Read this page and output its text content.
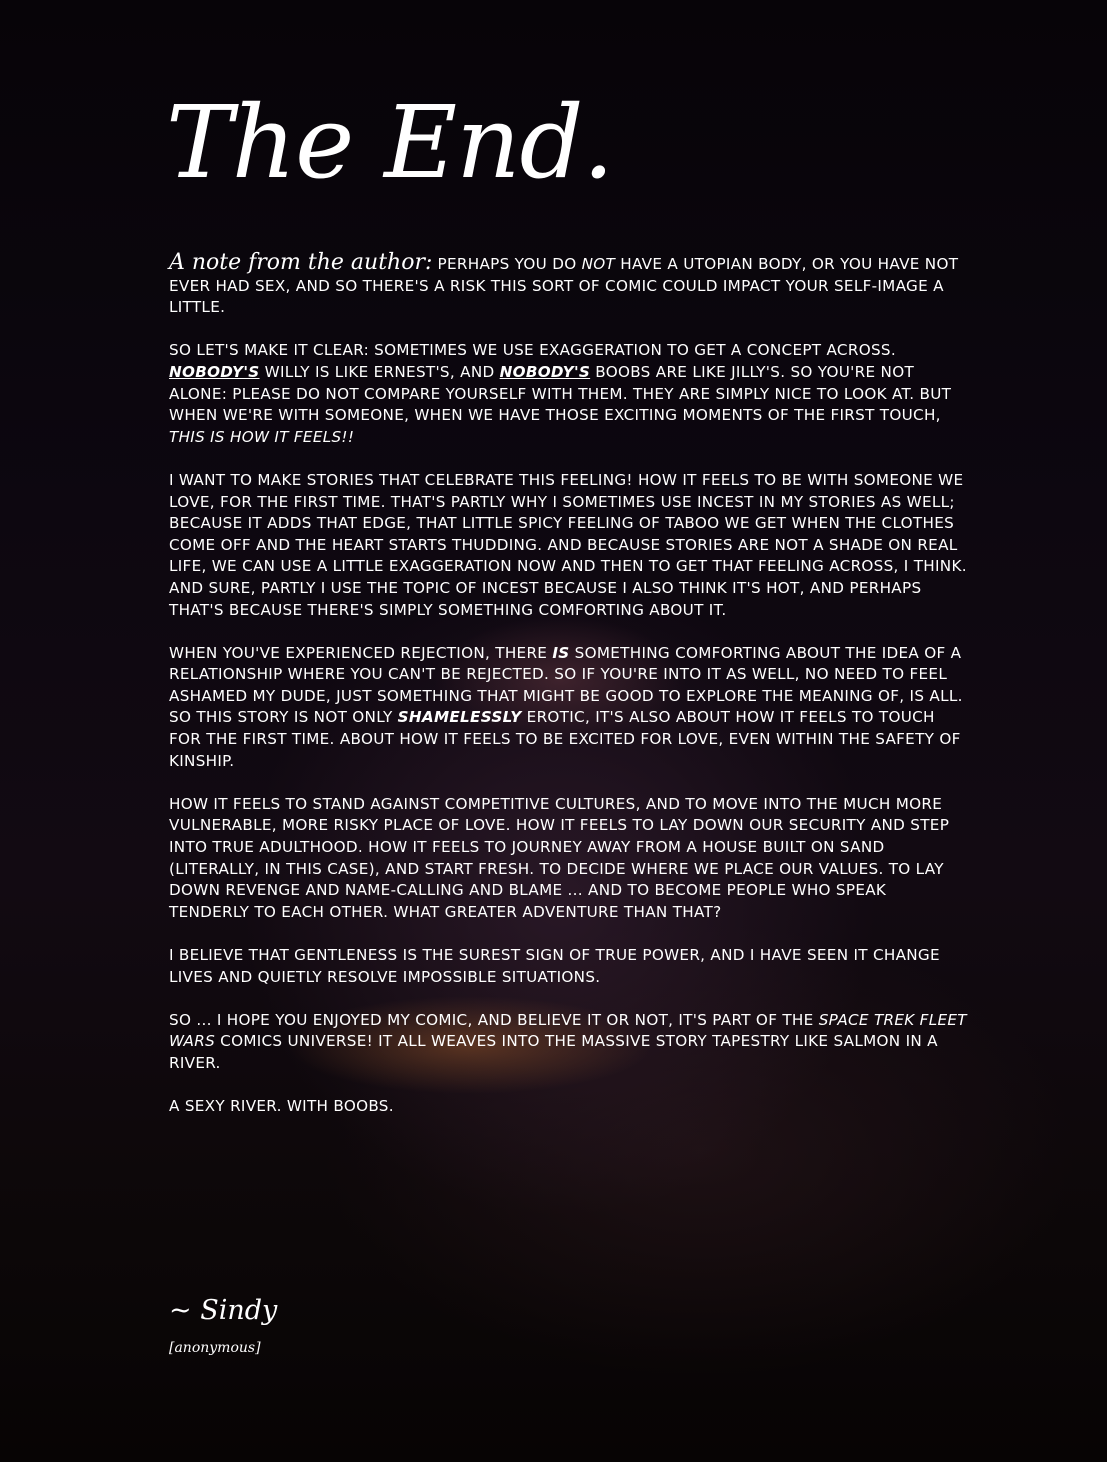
The End.

A note from the author: PERHAPS YOU DO NOT HAVE A UTOPIAN BODY, OR YOU HAVE NOT EVER HAD SEX, AND SO THERE'S A RISK THIS SORT OF COMIC COULD IMPACT YOUR SELF-IMAGE A LITTLE.

SO LET'S MAKE IT CLEAR: SOMETIMES WE USE EXAGGERATION TO GET A CONCEPT ACROSS. NOBODY'S WILLY IS LIKE ERNEST'S, AND NOBODY'S BOOBS ARE LIKE JILLY'S. SO YOU'RE NOT ALONE: PLEASE DO NOT COMPARE YOURSELF WITH THEM. THEY ARE SIMPLY NICE TO LOOK AT. BUT WHEN WE'RE WITH SOMEONE, WHEN WE HAVE THOSE EXCITING MOMENTS OF THE FIRST TOUCH, THIS IS HOW IT FEELS!!

I WANT TO MAKE STORIES THAT CELEBRATE THIS FEELING! HOW IT FEELS TO BE WITH SOMEONE WE LOVE, FOR THE FIRST TIME. THAT'S PARTLY WHY I SOMETIMES USE INCEST IN MY STORIES AS WELL; BECAUSE IT ADDS THAT EDGE, THAT LITTLE SPICY FEELING OF TABOO WE GET WHEN THE CLOTHES COME OFF AND THE HEART STARTS THUDDING. AND BECAUSE STORIES ARE NOT A SHADE ON REAL LIFE, WE CAN USE A LITTLE EXAGGERATION NOW AND THEN TO GET THAT FEELING ACROSS, I THINK. AND SURE, PARTLY I USE THE TOPIC OF INCEST BECAUSE I ALSO THINK IT'S HOT, AND PERHAPS THAT'S BECAUSE THERE'S SIMPLY SOMETHING COMFORTING ABOUT IT.

WHEN YOU'VE EXPERIENCED REJECTION, THERE IS SOMETHING COMFORTING ABOUT THE IDEA OF A RELATIONSHIP WHERE YOU CAN'T BE REJECTED. SO IF YOU'RE INTO IT AS WELL, NO NEED TO FEEL ASHAMED MY DUDE, JUST SOMETHING THAT MIGHT BE GOOD TO EXPLORE THE MEANING OF, IS ALL. SO THIS STORY IS NOT ONLY SHAMELESSLY EROTIC, IT'S ALSO ABOUT HOW IT FEELS TO TOUCH FOR THE FIRST TIME. ABOUT HOW IT FEELS TO BE EXCITED FOR LOVE, EVEN WITHIN THE SAFETY OF KINSHIP.

HOW IT FEELS TO STAND AGAINST COMPETITIVE CULTURES, AND TO MOVE INTO THE MUCH MORE VULNERABLE, MORE RISKY PLACE OF LOVE. HOW IT FEELS TO LAY DOWN OUR SECURITY AND STEP INTO TRUE ADULTHOOD. HOW IT FEELS TO JOURNEY AWAY FROM A HOUSE BUILT ON SAND (LITERALLY, IN THIS CASE), AND START FRESH. TO DECIDE WHERE WE PLACE OUR VALUES. TO LAY DOWN REVENGE AND NAME-CALLING AND BLAME ... AND TO BECOME PEOPLE WHO SPEAK TENDERLY TO EACH OTHER. WHAT GREATER ADVENTURE THAN THAT?

I BELIEVE THAT GENTLENESS IS THE SUREST SIGN OF TRUE POWER, AND I HAVE SEEN IT CHANGE LIVES AND QUIETLY RESOLVE IMPOSSIBLE SITUATIONS.

SO ... I HOPE YOU ENJOYED MY COMIC, AND BELIEVE IT OR NOT, IT'S PART OF THE SPACE TREK FLEET WARS COMICS UNIVERSE! IT ALL WEAVES INTO THE MASSIVE STORY TAPESTRY LIKE SALMON IN A RIVER.

A SEXY RIVER. WITH BOOBS.

~ Sindy
[anonymous]
